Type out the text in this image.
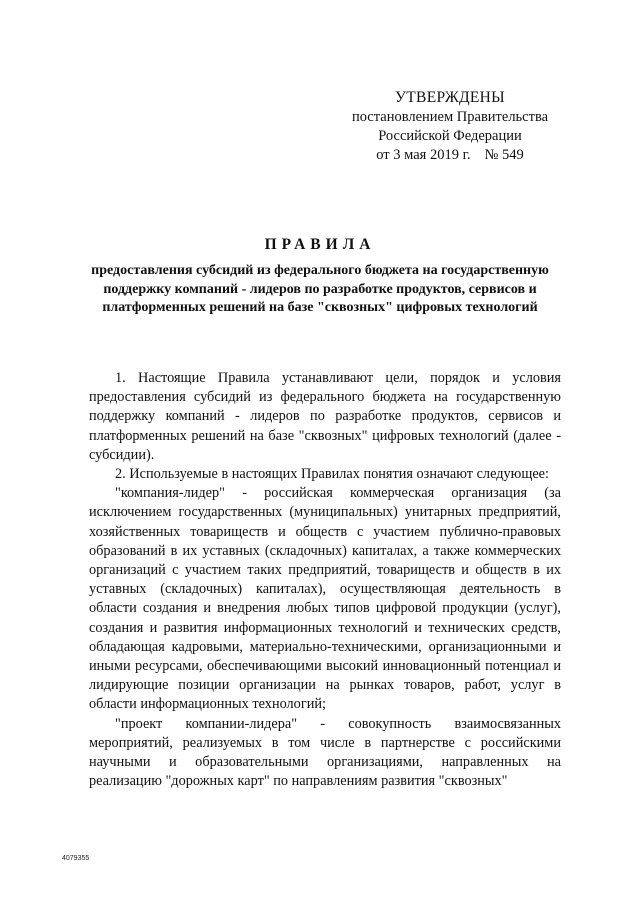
УТВЕРЖДЕНЫ
постановлением Правительства
Российской Федерации
от 3 мая 2019 г. № 549
ПРАВИЛА
предоставления субсидий из федерального бюджета на государственную поддержку компаний - лидеров по разработке продуктов, сервисов и платформенных решений на базе "сквозных" цифровых технологий

1. Настоящие Правила устанавливают цели, порядок и условия предоставления субсидий из федерального бюджета на государственную поддержку компаний - лидеров по разработке продуктов, сервисов и платформенных решений на базе "сквозных" цифровых технологий (далее - субсидии).

2. Используемые в настоящих Правилах понятия означают следующее:

"компания-лидер" - российская коммерческая организация (за исключением государственных (муниципальных) унитарных предприятий, хозяйственных товариществ и обществ с участием публично-правовых образований в их уставных (складочных) капиталах, а также коммерческих организаций с участием таких предприятий, товариществ и обществ в их уставных (складочных) капиталах), осуществляющая деятельность в области создания и внедрения любых типов цифровой продукции (услуг), создания и развития информационных технологий и технических средств, обладающая кадровыми, материально-техническими, организационными и иными ресурсами, обеспечивающими высокий инновационный потенциал и лидирующие позиции организации на рынках товаров, работ, услуг в области информационных технологий;

"проект компании-лидера" - совокупность взаимосвязанных мероприятий, реализуемых в том числе в партнерстве с российскими научными и образовательными организациями, направленных на реализацию "дорожных карт" по направлениям развития "сквозных"

4079355
